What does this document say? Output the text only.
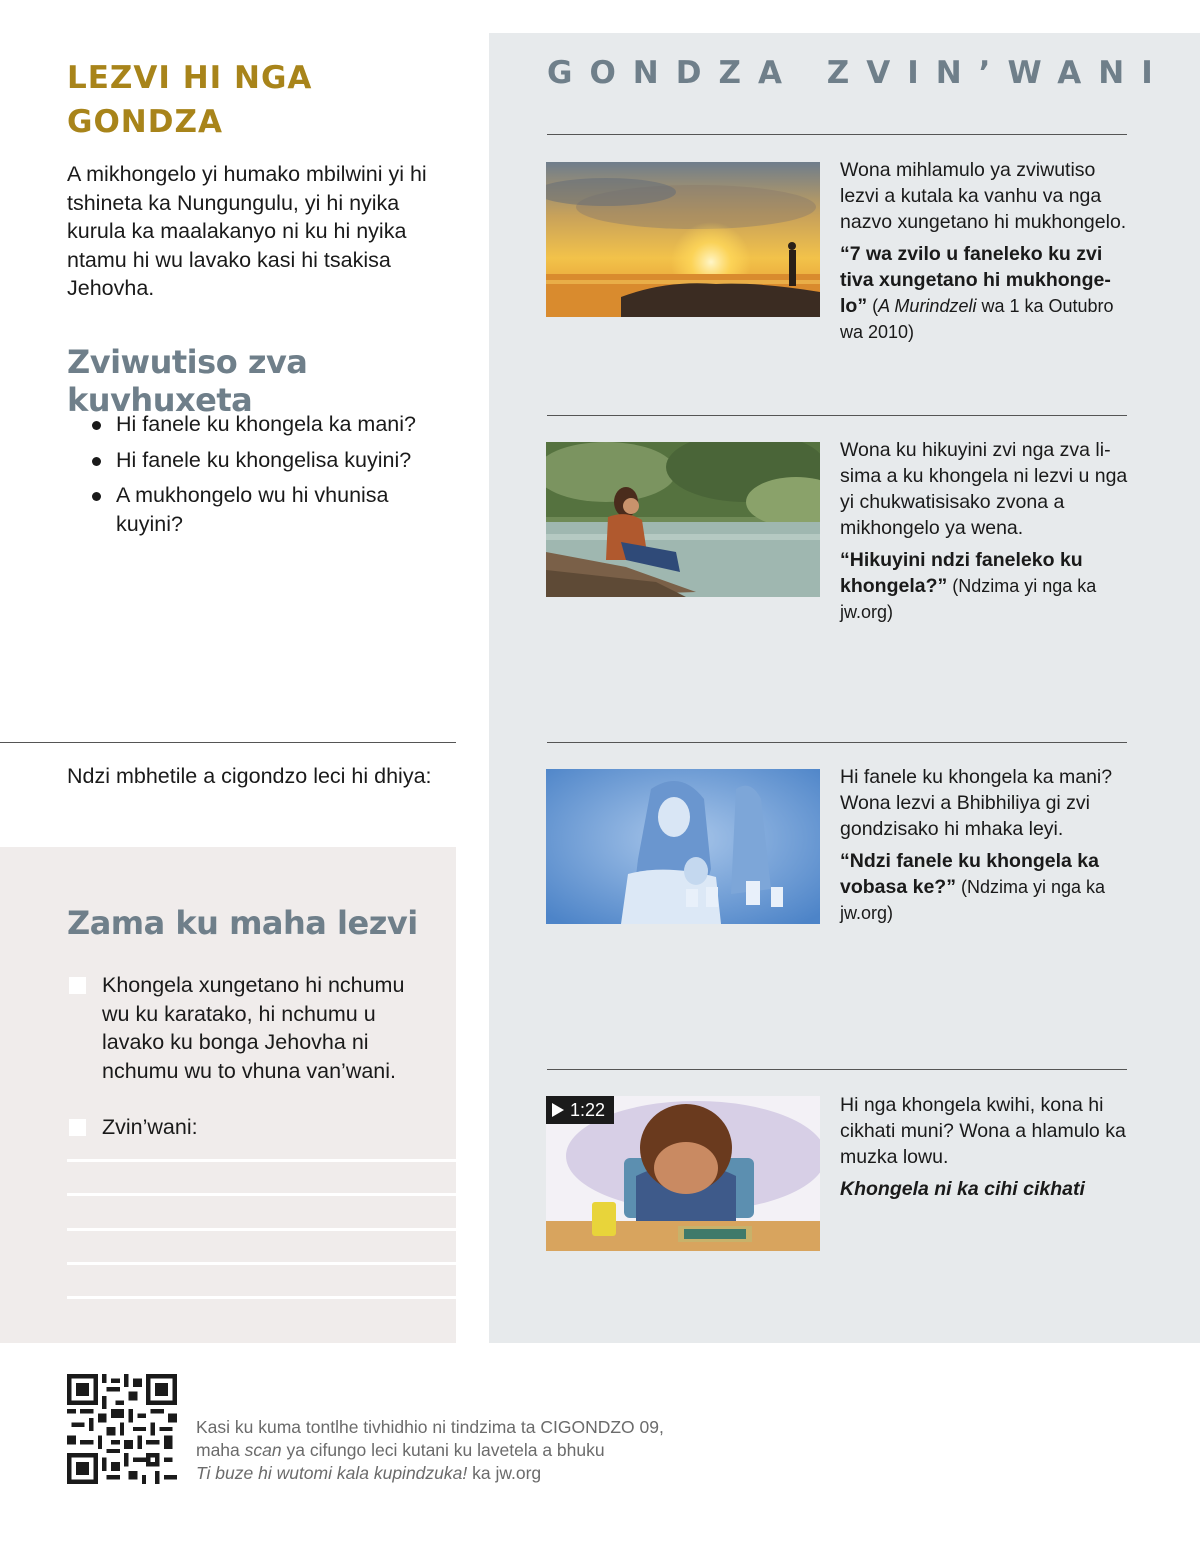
LEZVI HI NGA GONDZA

A mikhongelo yi humako mbilwini yi hi tshineta ka Nungungulu, yi hi nyika kurula ka maalakanyo ni ku hi nyika ntamu hi wu lavako kasi hi tsakisa Jehovha.

Zviwutiso zva kuvhuxeta
Hi fanele ku khongela ka mani?
Hi fanele ku khongelisa kuyini?
A mukhongelo wu hi vhunisa kuyini?

Ndzi mbhetile a cigondzo leci hi dhiya:

Zama ku maha lezvi
Khongela xungetano hi nchumu wu ku karatako, hi nchumu u lavako ku bonga Jehovha ni nchumu wu to vhuna van’wani.
Zvin’wani:
GONDZA ZVIN’WANI
Wona mihlamulo ya zviwutiso lezvi a kutala ka vanhu va nga nazvo xungetano hi mukhongelo.
“7 wa zvilo u faneleko ku zvi tiva xungetano hi mukhongelo” (A Murindzeli wa 1 ka Outubro wa 2010)
Wona ku hikuyini zvi nga zva lisima a ku khongela ni lezvi u nga yi chukwatisisako zvona a mikhongelo ya wena.
“Hikuyini ndzi faneleko ku khongela?” (Ndzima yi nga ka jw.org)
Hi fanele ku khongela ka mani? Wona lezvi a Bhibhiliya gi zvi gondzisako hi mhaka leyi.
“Ndzi fanele ku khongela ka vobasa ke?” (Ndzima yi nga ka jw.org)
1:22	Hi nga khongela kwihi, kona hi cikhati muni? Wona a hlamulo ka muzka lowu.
Khongela ni ka cihi cikhati
Kasi ku kuma tontlhe tivhidhio ni tindzima ta CIGONDZO 09,
maha scan ya cifungo leci kutani ku lavetela a bhuku
Ti buze hi wutomi kala kupindzuka! ka jw.org
